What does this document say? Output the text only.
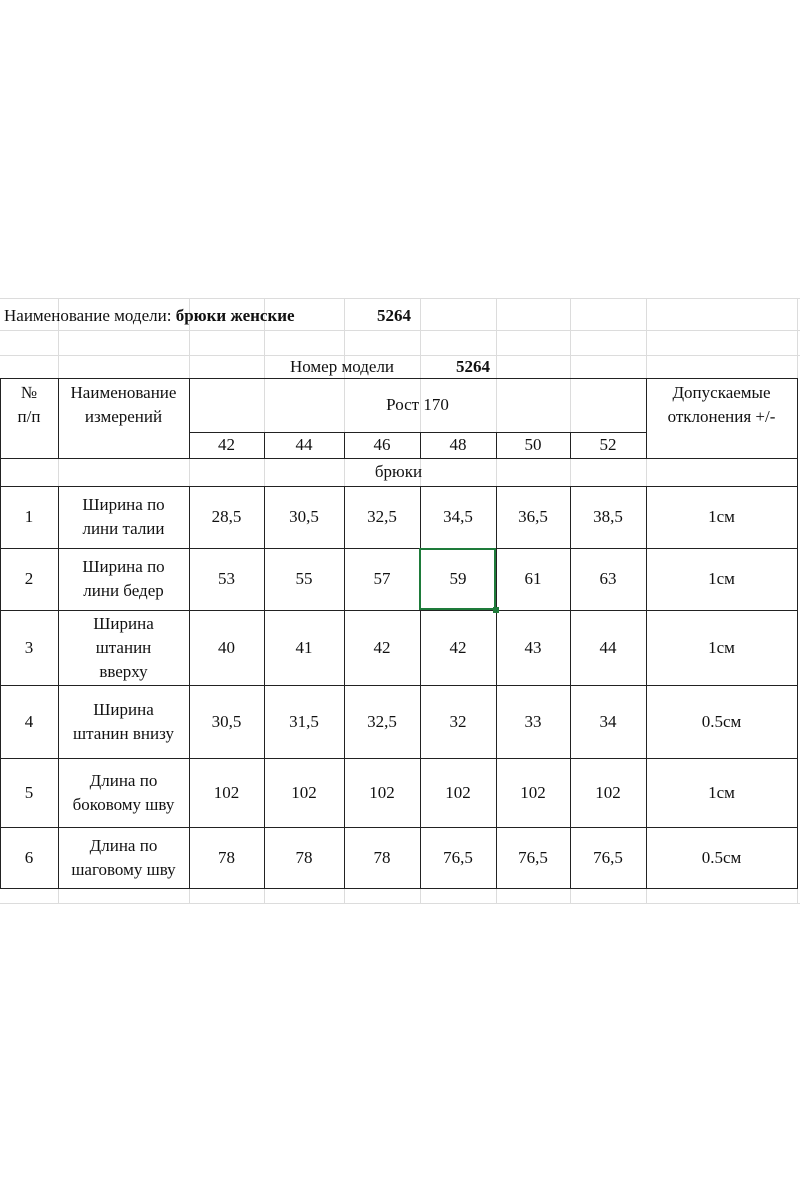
Наименование модели:
брюки женские	5264
Номер модели	5264
№
п/п
Наименование
измерений
Рост 170
Допускаемые
отклонения +/-
42	44	46	48	50	52
брюки
1
Ширина по
лини талии
28,5	30,5	32,5	34,5	36,5	38,5	1см
2
Ширина по
лини бедер
53	55	57	59	61	63	1см
3
Ширина
штанин
вверху
40	41	42	42	43	44	1см
4
Ширина
штанин внизу
30,5	31,5	32,5	32	33	34	0.5см
5
Длина по
боковому шву
102	102	102	102	102	102	1см
6
Длина по
шаговому шву
78	78	78	76,5	76,5	76,5	0.5см
